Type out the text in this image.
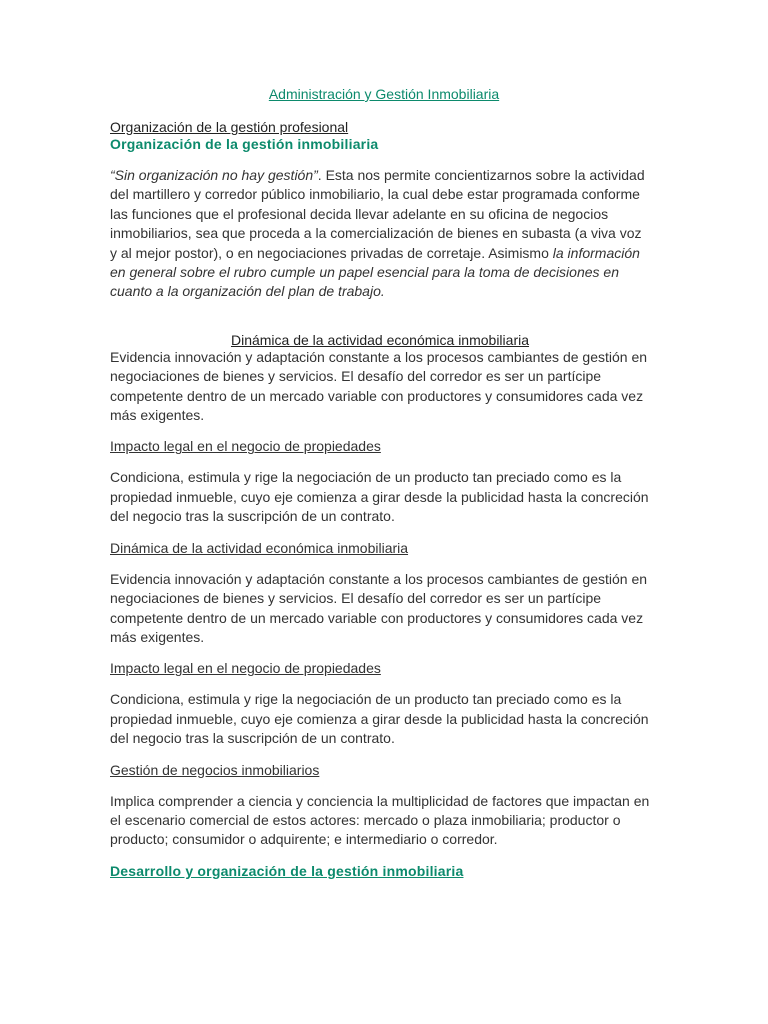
Administración y Gestión Inmobiliaria
Organización de la gestión profesional
Organización de la gestión inmobiliaria

“Sin organización no hay gestión”. Esta nos permite concientizarnos sobre la actividad del martillero y corredor público inmobiliario, la cual debe estar programada conforme las funciones que el profesional decida llevar adelante en su oficina de negocios inmobiliarios, sea que proceda a la comercialización de bienes en subasta (a viva voz y al mejor postor), o en negociaciones privadas de corretaje. Asimismo la información en general sobre el rubro cumple un papel esencial para la toma de decisiones en cuanto a la organización del plan de trabajo.

Dinámica de la actividad económica inmobiliaria

Evidencia innovación y adaptación constante a los procesos cambiantes de gestión en negociaciones de bienes y servicios. El desafío del corredor es ser un partícipe competente dentro de un mercado variable con productores y consumidores cada vez más exigentes.

Impacto legal en el negocio de propiedades

Condiciona, estimula y rige la negociación de un producto tan preciado como es la propiedad inmueble, cuyo eje comienza a girar desde la publicidad hasta la concreción del negocio tras la suscripción de un contrato.

Dinámica de la actividad económica inmobiliaria

Evidencia innovación y adaptación constante a los procesos cambiantes de gestión en negociaciones de bienes y servicios. El desafío del corredor es ser un partícipe competente dentro de un mercado variable con productores y consumidores cada vez más exigentes.

Impacto legal en el negocio de propiedades

Condiciona, estimula y rige la negociación de un producto tan preciado como es la propiedad inmueble, cuyo eje comienza a girar desde la publicidad hasta la concreción del negocio tras la suscripción de un contrato.

Gestión de negocios inmobiliarios

Implica comprender a ciencia y conciencia la multiplicidad de factores que impactan en el escenario comercial de estos actores: mercado o plaza inmobiliaria; productor o producto; consumidor o adquirente; e intermediario o corredor.

Desarrollo y organización de la gestión inmobiliaria
